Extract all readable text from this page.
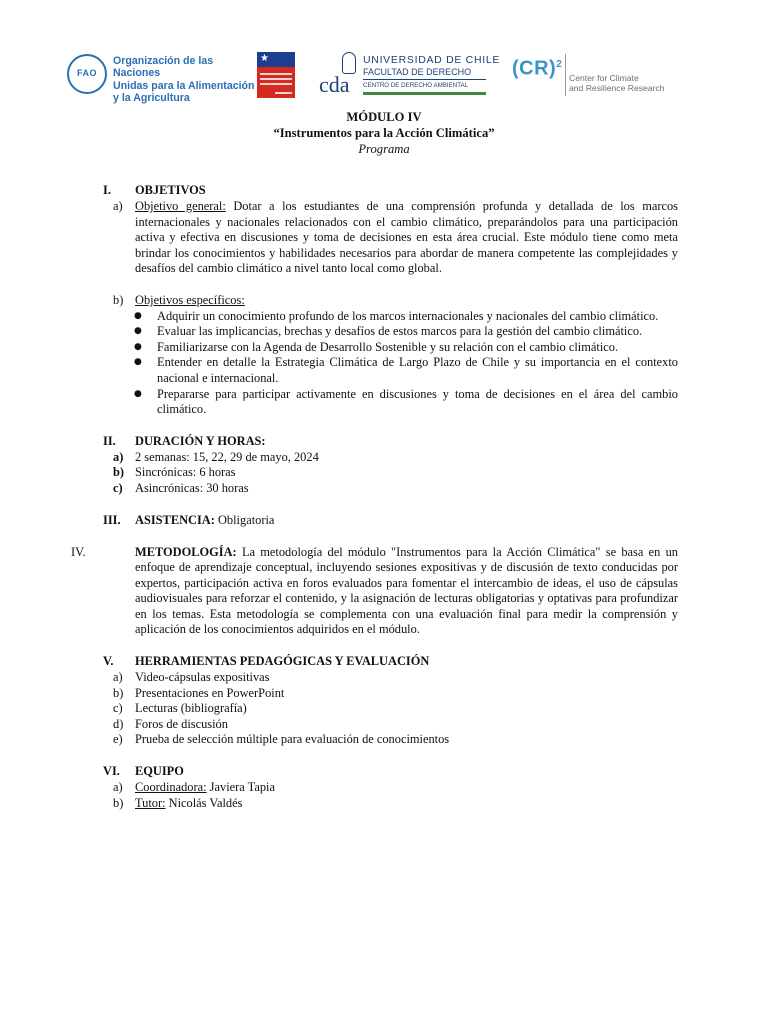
FAO
Organización de las Naciones
Unidas para la Alimentación
y la Agricultura
★
cda
UNIVERSIDAD DE CHILE
FACULTAD DE DERECHO
CENTRO DE DERECHO AMBIENTAL
(CR)$^2$
Center for Climate
and Resilience Research
MÓDULO IV
“Instrumentos para la Acción Climática”
Programa
I. OBJETIVOS
a) Objetivo general: Dotar a los estudiantes de una comprensión profunda y detallada de los marcos internacionales y nacionales relacionados con el cambio climático, preparándolos para una participación activa y efectiva en discusiones y toma de decisiones en esta área crucial. Este módulo tiene como meta brindar los conocimientos y habilidades necesarios para abordar de manera competente las complejidades y desafíos del cambio climático a nivel tanto local como global.
b) Objetivos específicos:
● Adquirir un conocimiento profundo de los marcos internacionales y nacionales del cambio climático.
● Evaluar las implicancias, brechas y desafíos de estos marcos para la gestión del cambio climático.
● Familiarizarse con la Agenda de Desarrollo Sostenible y su relación con el cambio climático.
● Entender en detalle la Estrategia Climática de Largo Plazo de Chile y su importancia en el contexto nacional e internacional.
● Prepararse para participar activamente en discusiones y toma de decisiones en el área del cambio climático.
II. DURACIÓN Y HORAS:
a) 2 semanas: 15, 22, 29 de mayo, 2024
b) Sincrónicas: 6 horas
c) Asincrónicas: 30 horas
III. ASISTENCIA: Obligatoria
IV.	METODOLOGÍA: La metodología del módulo "Instrumentos para la Acción Climática" se basa en un enfoque de aprendizaje conceptual, incluyendo sesiones expositivas y de discusión de texto conducidas por expertos, participación activa en foros evaluados para fomentar el intercambio de ideas, el uso de cápsulas audiovisuales para reforzar el contenido, y la asignación de lecturas obligatorias y optativas para profundizar en los temas. Esta metodología se complementa con una evaluación final para medir la comprensión y aplicación de los conocimientos adquiridos en el módulo.
V. HERRAMIENTAS PEDAGÓGICAS Y EVALUACIÓN
a) Video-cápsulas expositivas
b) Presentaciones en PowerPoint
c) Lecturas (bibliografía)
d) Foros de discusión
e) Prueba de selección múltiple para evaluación de conocimientos
VI. EQUIPO
a) Coordinadora: Javiera Tapia
b) Tutor: Nicolás Valdés
